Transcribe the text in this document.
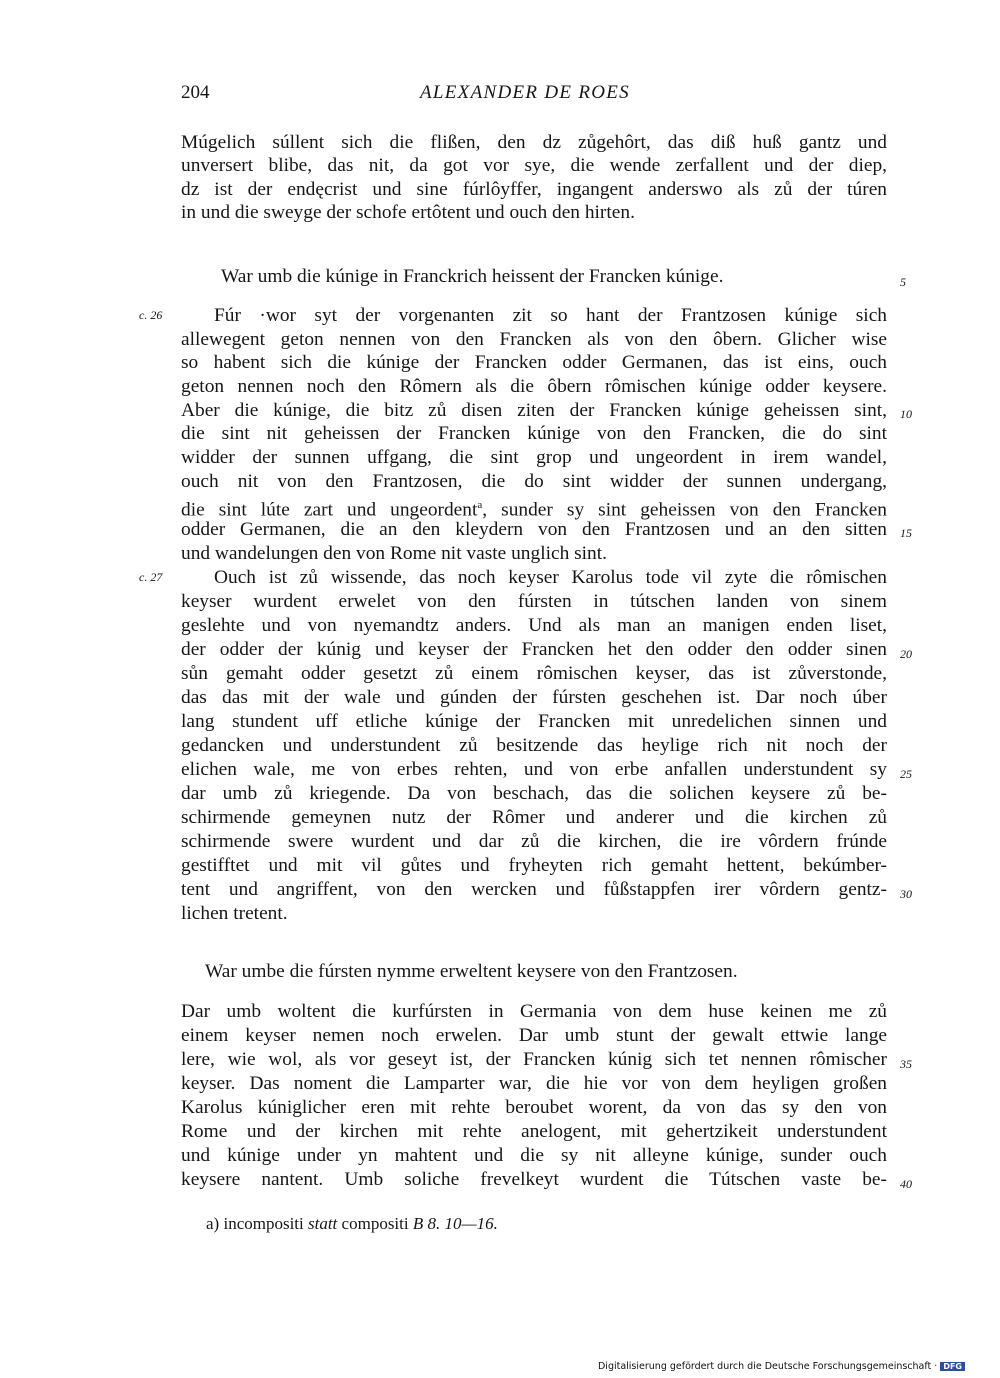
204	ALEXANDER DE ROES
Múgelich súllent sich die flißen, den dz zůgehôrt, das diß huß gantz und
unversert blibe, das nit, da got vor sye, die wende zerfallent und der diep,
dz ist der endęcrist und sine fúrlôyffer, ingangent anderswo als zů der túren
in und die sweyge der schofe ertôtent und ouch den hirten.
War umb die kúnige in Franckrich heissent der Francken kúnige.	5
c. 26	Fúr ·wor syt der vorgenanten zit so hant der Frantzosen kúnige sich
allewegent geton nennen von den Francken als von den ôbern. Glicher wise
so habent sich die kúnige der Francken odder Germanen, das ist eins, ouch
geton nennen noch den Rômern als die ôbern rômischen kúnige odder keysere.
Aber die kúnige, die bitz zů disen ziten der Francken kúnige geheissen sint, 10
die sint nit geheissen der Francken kúnige von den Francken, die do sint
widder der sunnen uffgang, die sint grop und ungeordent in irem wandel,
ouch nit von den Frantzosen, die do sint widder der sunnen undergang,
die sint lúte zart und ungeordent$^a$, sunder sy sint geheissen von den Francken
odder Germanen, die an den kleydern von den Frantzosen und an den sitten 15
und wandelungen den von Rome nit vaste unglich sint.
c. 27	Ouch ist zů wissende, das noch keyser Karolus tode vil zyte die rômischen
keyser wurdent erwelet von den fúrsten in tútschen landen von sinem
geslehte und von nyemandtz anders. Und als man an manigen enden liset,
der odder der kúnig und keyser der Francken het den odder den odder sinen 20
sůn gemaht odder gesetzt zů einem rômischen keyser, das ist zůverstonde,
das das mit der wale und gúnden der fúrsten geschehen ist. Dar noch úber
lang stundent uff etliche kúnige der Francken mit unredelichen sinnen und
gedancken und understundent zů besitzende das heylige rich nit noch der
elichen wale, me von erbes rehten, und von erbe anfallen understundent sy 25
dar umb zů kriegende. Da von beschach, das die solichen keysere zů be-
schirmende gemeynen nutz der Rômer und anderer und die kirchen zů
schirmende swere wurdent und dar zů die kirchen, die ire vôrdern frúnde
gestifftet und mit vil gůtes und fryheyten rich gemaht hettent, bekúmber-
tent und angriffent, von den wercken und fůßstappfen irer vôrdern gentz- 30
lichen tretent.
War umbe die fúrsten nymme erweltent keysere von den Frantzosen.
Dar umb woltent die kurfúrsten in Germania von dem huse keinen me zů
einem keyser nemen noch erwelen. Dar umb stunt der gewalt ettwie lange
lere, wie wol, als vor geseyt ist, der Francken kúnig sich tet nennen rômischer 35
keyser. Das noment die Lamparter war, die hie vor von dem heyligen großen
Karolus kúniglicher eren mit rehte beroubet worent, da von das sy den von
Rome und der kirchen mit rehte anelogent, mit gehertzikeit understundent
und kúnige under yn mahtent und die sy nit alleyne kúnige, sunder ouch
keysere nantent. Umb soliche frevelkeyt wurdent die Tútschen vaste be- 40
a) incompositi statt compositi B 8. 10—16.
Digitalisierung gefördert durch die Deutsche Forschungsgemeinschaft · DFG
